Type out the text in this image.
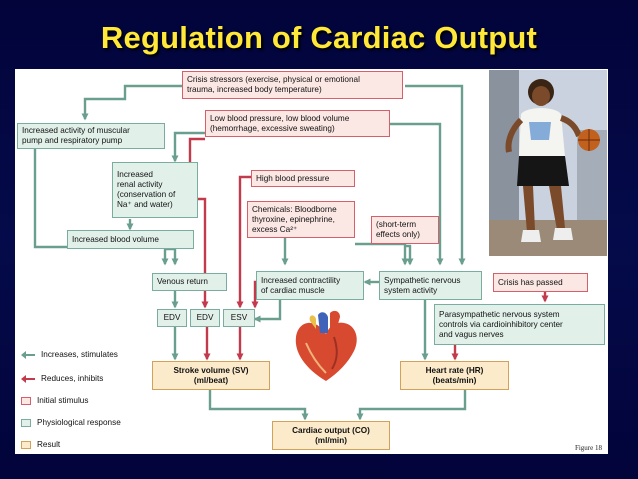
Regulation of Cardiac Output
Crisis stressors (exercise, physical or emotional
trauma, increased body temperature)
Low blood pressure, low blood volume
(hemorrhage, excessive sweating)
Increased activity of muscular
pump and respiratory pump
Increased
renal activity
(conservation of
Na⁺ and water)
High blood pressure
Chemicals: Bloodborne
thyroxine, epinephrine,
excess Ca²⁺	(short-term
effects only)
Increased blood volume
Venous return	Increased contractility
of cardiac muscle
Sympathetic nervous
system activity
Crisis has passed
EDV EDV ESV	Parasympathetic nervous system
controls via cardioinhibitory center
and vagus nerves
Stroke volume (SV)
(ml/beat)
Heart rate (HR)
(beats/min)
Cardiac output (CO)
(ml/min)
Increases, stimulates
Reduces, inhibits
Initial stimulus
Physiological response
Result	Figure 18
